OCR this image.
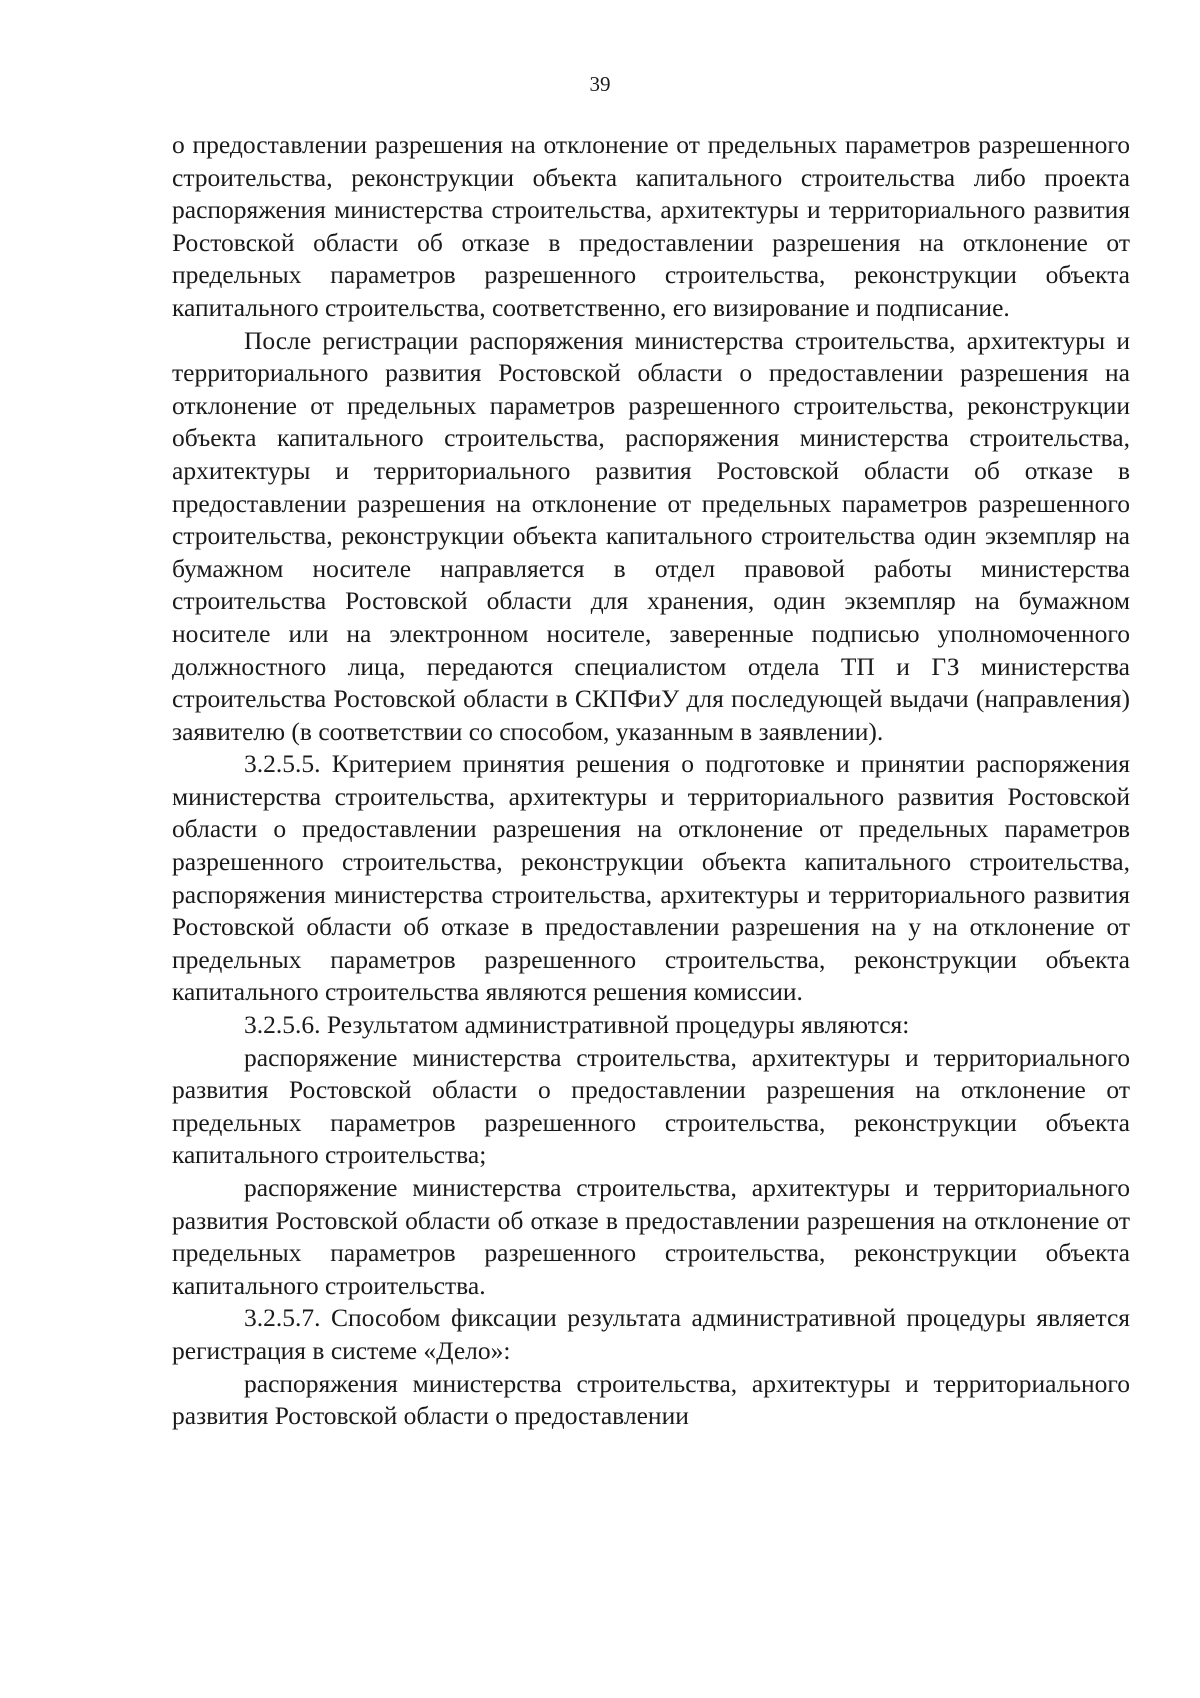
39

о предоставлении разрешения на отклонение от предельных параметров разрешенного строительства, реконструкции объекта капитального строительства либо проекта распоряжения министерства строительства, архитектуры и территориального развития Ростовской области об отказе в предоставлении разрешения на отклонение от предельных параметров разрешенного строительства, реконструкции объекта капитального строительства, соответственно, его визирование и подписание.

После регистрации распоряжения министерства строительства, архитектуры и территориального развития Ростовской области о предоставлении разрешения на отклонение от предельных параметров разрешенного строительства, реконструкции объекта капитального строительства, распоряжения министерства строительства, архитектуры и территориального развития Ростовской области об отказе в предоставлении разрешения на отклонение от предельных параметров разрешенного строительства, реконструкции объекта капитального строительства один экземпляр на бумажном носителе направляется в отдел правовой работы министерства строительства Ростовской области для хранения, один экземпляр на бумажном носителе или на электронном носителе, заверенные подписью уполномоченного должностного лица, передаются специалистом отдела ТП и ГЗ министерства строительства Ростовской области в СКПФиУ для последующей выдачи (направления) заявителю (в соответствии со способом, указанным в заявлении).

3.2.5.5. Критерием принятия решения о подготовке и принятии распоряжения министерства строительства, архитектуры и территориального развития Ростовской области о предоставлении разрешения на отклонение от предельных параметров разрешенного строительства, реконструкции объекта капитального строительства, распоряжения министерства строительства, архитектуры и территориального развития Ростовской области об отказе в предоставлении разрешения на у на отклонение от предельных параметров разрешенного строительства, реконструкции объекта капитального строительства являются решения комиссии.

3.2.5.6. Результатом административной процедуры являются:

распоряжение министерства строительства, архитектуры и территориального развития Ростовской области о предоставлении разрешения на отклонение от предельных параметров разрешенного строительства, реконструкции объекта капитального строительства;

распоряжение министерства строительства, архитектуры и территориального развития Ростовской области об отказе в предоставлении разрешения на отклонение от предельных параметров разрешенного строительства, реконструкции объекта капитального строительства.

3.2.5.7. Способом фиксации результата административной процедуры является регистрация в системе «Дело»:

распоряжения министерства строительства, архитектуры и территориального развития Ростовской области о предоставлении
